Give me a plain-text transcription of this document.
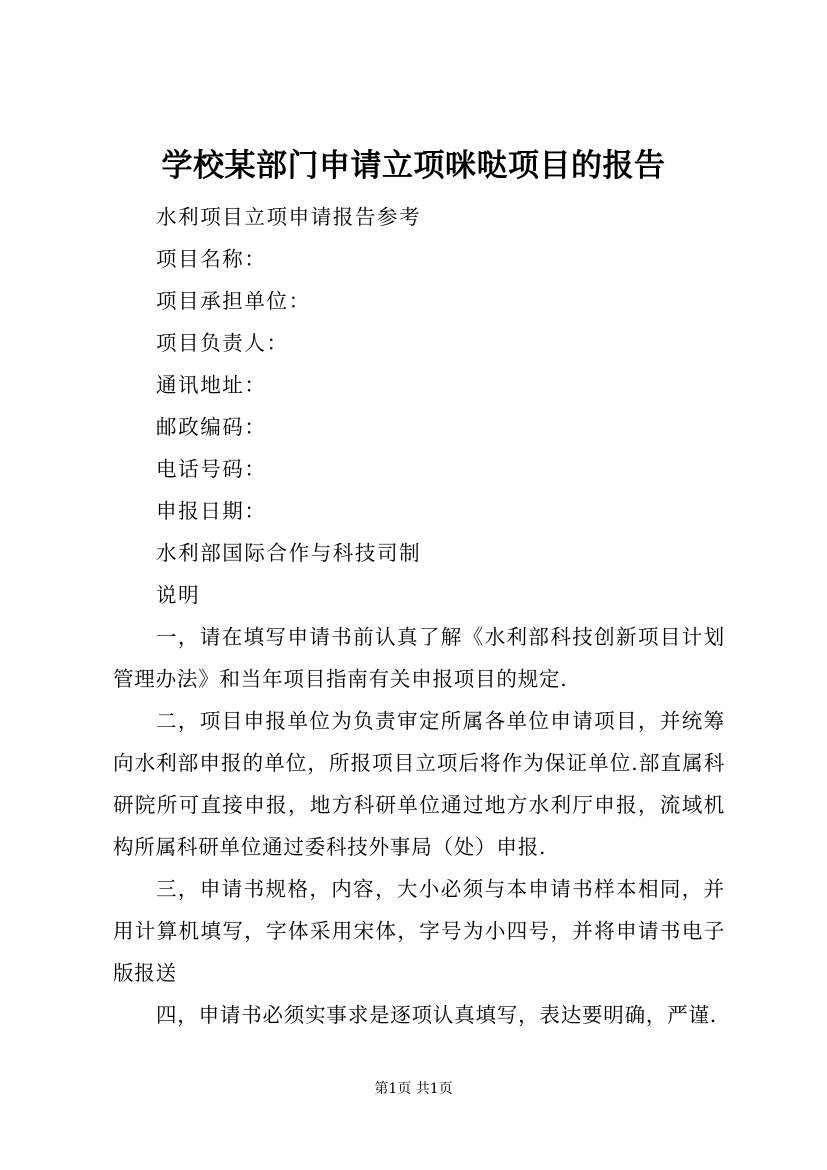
学校某部门申请立项咪哒项目的报告

水利项目立项申请报告参考

项目名称：

项目承担单位：

项目负责人：

通讯地址：

邮政编码：

电话号码：

申报日期：

水利部国际合作与科技司制

说明

一，请在填写申请书前认真了解《水利部科技创新项目计划管理办法》和当年项目指南有关申报项目的规定.

二，项目申报单位为负责审定所属各单位申请项目，并统筹向水利部申报的单位，所报项目立项后将作为保证单位.部直属科研院所可直接申报，地方科研单位通过地方水利厅申报，流域机构所属科研单位通过委科技外事局（处）申报.

三，申请书规格，内容，大小必须与本申请书样本相同，并用计算机填写，字体采用宋体，字号为小四号，并将申请书电子版报送

四，申请书必须实事求是逐项认真填写，表达要明确，严谨.

第1页 共1页
